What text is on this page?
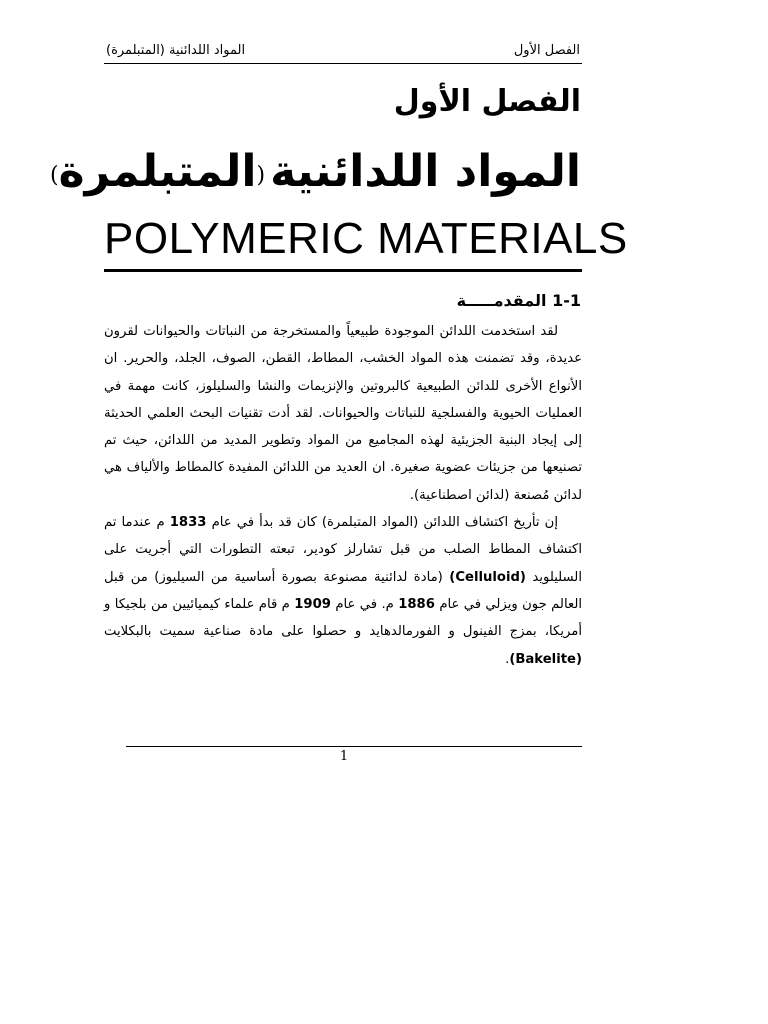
المواد اللدائنية (المتبلمرة)	الفصل الأول
الفصل الأول
المواد اللدائنية (المتبلمرة)
POLYMERIC MATERIALS
1-1 المقدمـــــة

لقد استخدمت اللدائن الموجودة طبيعياً والمستخرجة من النباتات والحيوانات لقرون عديدة، وقد تضمنت هذه المواد الخشب، المطاط، القطن، الصوف، الجلد، والحرير. ان الأنواع الأخرى للدائن الطبيعية كالبروتين والإنزيمات والنشا والسليلوز، كانت مهمة في العمليات الحيوية والفسلجية للنباتات والحيوانات. لقد أدت تقنيات البحث العلمي الحديثة إلى إيجاد البنية الجزيئية لهذه المجاميع من المواد وتطوير المديد من اللدائن، حيث تم تصنيعها من جزيئات عضوية صغيرة. ان العديد من اللدائن المفيدة كالمطاط والألياف هي لدائن مُصنعة (لدائن اصطناعية).

إن تأريخ اكتشاف اللدائن (المواد المتبلمرة) كان قد بدأ في عام 1833 م عندما تم اكتشاف المطاط الصلب من قبل تشارلز كودير، تبعته التطورات التي أجريت على السليلويد (Celluloid) (مادة لدائنية مصنوعة بصورة أساسية من السيليوز) من قبل العالم جون ويزلي في عام 1886 م. في عام 1909 م قام علماء كيميائيين من بلجيكا و أمريكا، بمزج الفينول و الفورمالدهايد و حصلوا على مادة صناعية سميت بالبكلايت (Bakelite).

1
